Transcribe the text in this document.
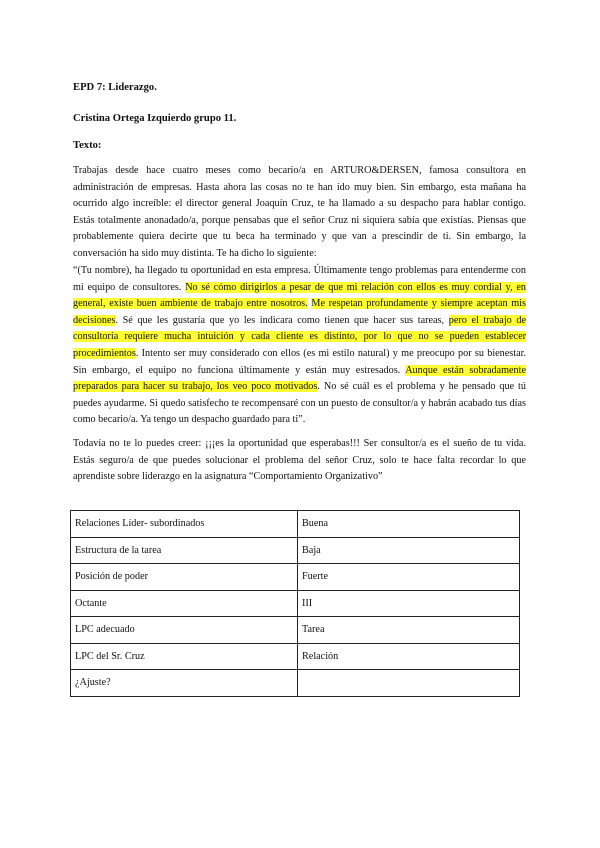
EPD 7: Liderazgo.
Cristina Ortega Izquierdo grupo 11.
Texto:

Trabajas desde hace cuatro meses como becario/a en ARTURO&DERSEN, famosa consultora en administración de empresas. Hasta ahora las cosas no te han ido muy bien. Sin embargo, esta mañana ha ocurrido algo increíble: el director general Joaquín Cruz, te ha llamado a su despacho para hablar contigo. Estás totalmente anonadado/a, porque pensabas que el señor Cruz ni siquiera sabía que existías. Piensas que probablemente quiera decirte que tu beca ha terminado y que van a prescindir de ti. Sin embargo, la conversación ha sido muy distinta. Te ha dicho lo siguiente:

“(Tu nombre), ha llegado tu oportunidad en esta empresa. Últimamente tengo problemas para entenderme con mi equipo de consultores. No sé cómo dirigirlos a pesar de que mi relación con ellos es muy cordial y, en general, existe buen ambiente de trabajo entre nosotros. Me respetan profundamente y siempre aceptan mis decisiones. Sé que les gustaría que yo les indicara como tienen que hacer sus tareas, pero el trabajo de consultoría requiere mucha intuición y cada cliente es distinto, por lo que no se pueden establecer procedimientos. Intento ser muy considerado con ellos (es mi estilo natural) y me preocupo por su bienestar. Sin embargo, el equipo no funciona últimamente y están muy estresados. Aunque están sobradamente preparados para hacer su trabajo, los veo poco motivados. No sé cuál es el problema y he pensado que tú puedes ayudarme. Si quedo satisfecho te recompensaré con un puesto de consultor/a y habrán acabado tus días como becario/a. Ya tengo un despacho guardado para ti”.

Todavía no te lo puedes creer: ¡¡¡es la oportunidad que esperabas!!! Ser consultor/a es el sueño de tu vida. Estás seguro/a de que puedes solucionar el problema del señor Cruz, solo te hace falta recordar lo que aprendiste sobre liderazgo en la asignatura “Comportamiento Organizativo”

Relaciones Líder- subordinados	Buena
Estructura de la tarea	Baja
Posición de poder	Fuerte
Octante	III
LPC adecuado	Tarea
LPC del Sr. Cruz	Relación
¿Ajuste?	
